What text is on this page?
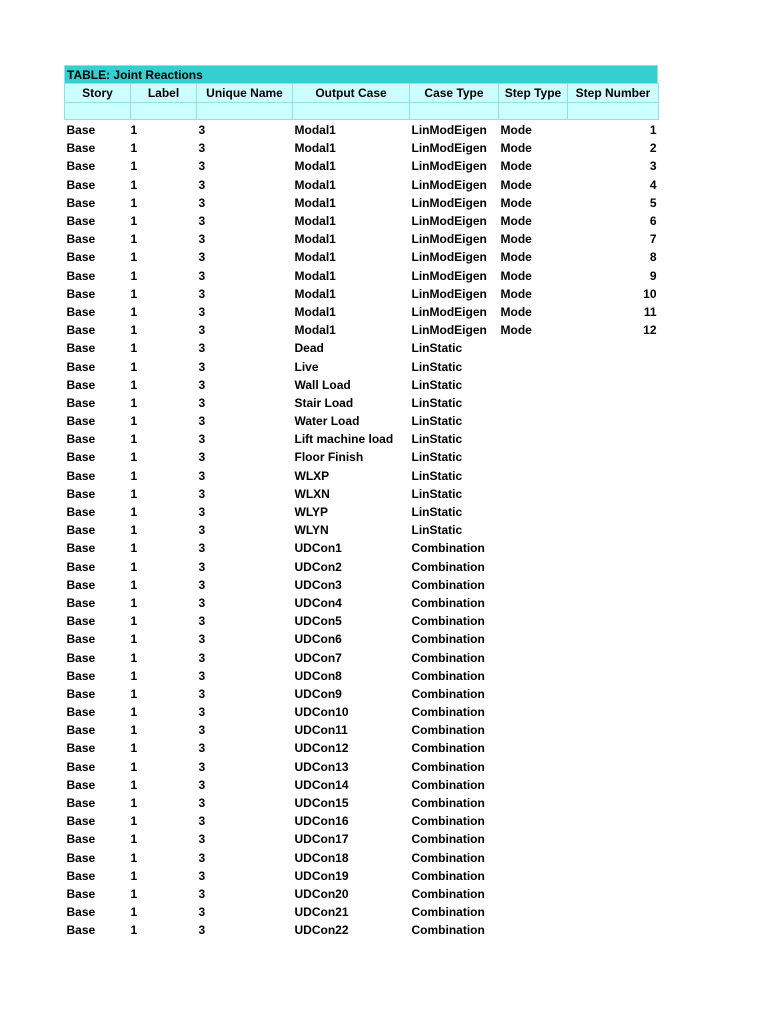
TABLE: Joint Reactions
Story	Label	Unique Name	Output Case	Case Type	Step Type	Step Number

Base	1	3	Modal1	LinModEigen	Mode	1
Base	1	3	Modal1	LinModEigen	Mode	2
Base	1	3	Modal1	LinModEigen	Mode	3
Base	1	3	Modal1	LinModEigen	Mode	4
Base	1	3	Modal1	LinModEigen	Mode	5
Base	1	3	Modal1	LinModEigen	Mode	6
Base	1	3	Modal1	LinModEigen	Mode	7
Base	1	3	Modal1	LinModEigen	Mode	8
Base	1	3	Modal1	LinModEigen	Mode	9
Base	1	3	Modal1	LinModEigen	Mode	10
Base	1	3	Modal1	LinModEigen	Mode	11
Base	1	3	Modal1	LinModEigen	Mode	12
Base	1	3	Dead	LinStatic		
Base	1	3	Live	LinStatic		
Base	1	3	Wall Load	LinStatic		
Base	1	3	Stair Load	LinStatic		
Base	1	3	Water Load	LinStatic		
Base	1	3	Lift machine load	LinStatic		
Base	1	3	Floor Finish	LinStatic		
Base	1	3	WLXP	LinStatic		
Base	1	3	WLXN	LinStatic		
Base	1	3	WLYP	LinStatic		
Base	1	3	WLYN	LinStatic		
Base	1	3	UDCon1	Combination		
Base	1	3	UDCon2	Combination		
Base	1	3	UDCon3	Combination		
Base	1	3	UDCon4	Combination		
Base	1	3	UDCon5	Combination		
Base	1	3	UDCon6	Combination		
Base	1	3	UDCon7	Combination		
Base	1	3	UDCon8	Combination		
Base	1	3	UDCon9	Combination		
Base	1	3	UDCon10	Combination		
Base	1	3	UDCon11	Combination		
Base	1	3	UDCon12	Combination		
Base	1	3	UDCon13	Combination		
Base	1	3	UDCon14	Combination		
Base	1	3	UDCon15	Combination		
Base	1	3	UDCon16	Combination		
Base	1	3	UDCon17	Combination		
Base	1	3	UDCon18	Combination		
Base	1	3	UDCon19	Combination		
Base	1	3	UDCon20	Combination		
Base	1	3	UDCon21	Combination		
Base	1	3	UDCon22	Combination		
